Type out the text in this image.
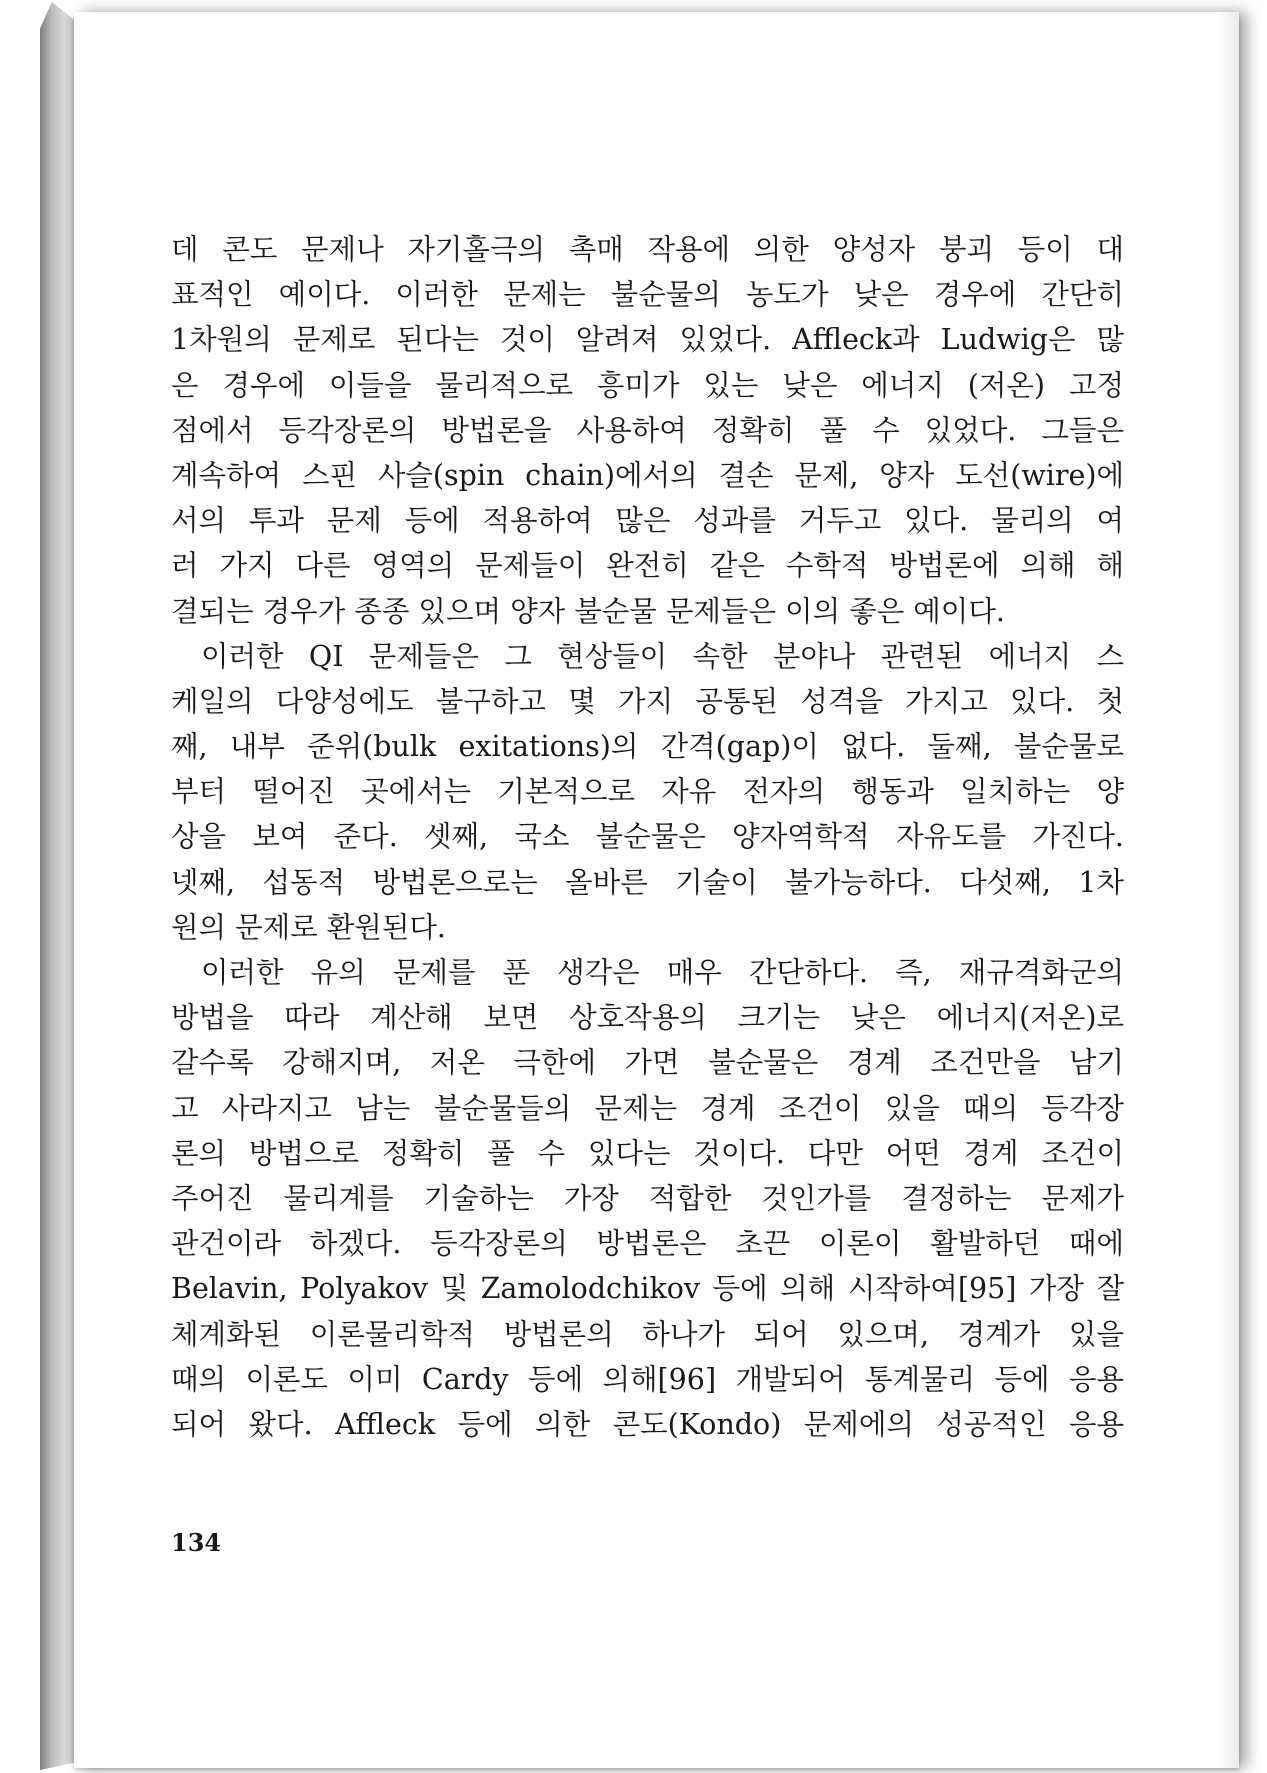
데 콘도 문제나 자기홀극의 촉매 작용에 의한 양성자 붕괴 등이 대
표적인 예이다. 이러한 문제는 불순물의 농도가 낮은 경우에 간단히
1차원의 문제로 된다는 것이 알려져 있었다. Affleck과 Ludwig은 많
은 경우에 이들을 물리적으로 흥미가 있는 낮은 에너지 (저온) 고정
점에서 등각장론의 방법론을 사용하여 정확히 풀 수 있었다. 그들은
계속하여 스핀 사슬(spin chain)에서의 결손 문제, 양자 도선(wire)에
서의 투과 문제 등에 적용하여 많은 성과를 거두고 있다. 물리의 여
러 가지 다른 영역의 문제들이 완전히 같은 수학적 방법론에 의해 해
결되는 경우가 종종 있으며 양자 불순물 문제들은 이의 좋은 예이다.
이러한 QI 문제들은 그 현상들이 속한 분야나 관련된 에너지 스
케일의 다양성에도 불구하고 몇 가지 공통된 성격을 가지고 있다. 첫
째, 내부 준위(bulk exitations)의 간격(gap)이 없다. 둘째, 불순물로
부터 떨어진 곳에서는 기본적으로 자유 전자의 행동과 일치하는 양
상을 보여 준다. 셋째, 국소 불순물은 양자역학적 자유도를 가진다.
넷째, 섭동적 방법론으로는 올바른 기술이 불가능하다. 다섯째, 1차
원의 문제로 환원된다.
이러한 유의 문제를 푼 생각은 매우 간단하다. 즉, 재규격화군의
방법을 따라 계산해 보면 상호작용의 크기는 낮은 에너지(저온)로
갈수록 강해지며, 저온 극한에 가면 불순물은 경계 조건만을 남기
고 사라지고 남는 불순물들의 문제는 경계 조건이 있을 때의 등각장
론의 방법으로 정확히 풀 수 있다는 것이다. 다만 어떤 경계 조건이
주어진 물리계를 기술하는 가장 적합한 것인가를 결정하는 문제가
관건이라 하겠다. 등각장론의 방법론은 초끈 이론이 활발하던 때에
Belavin, Polyakov 및 Zamolodchikov 등에 의해 시작하여[95] 가장 잘
체계화된 이론물리학적 방법론의 하나가 되어 있으며, 경계가 있을
때의 이론도 이미 Cardy 등에 의해[96] 개발되어 통계물리 등에 응용
되어 왔다. Affleck 등에 의한 콘도(Kondo) 문제에의 성공적인 응용
134
